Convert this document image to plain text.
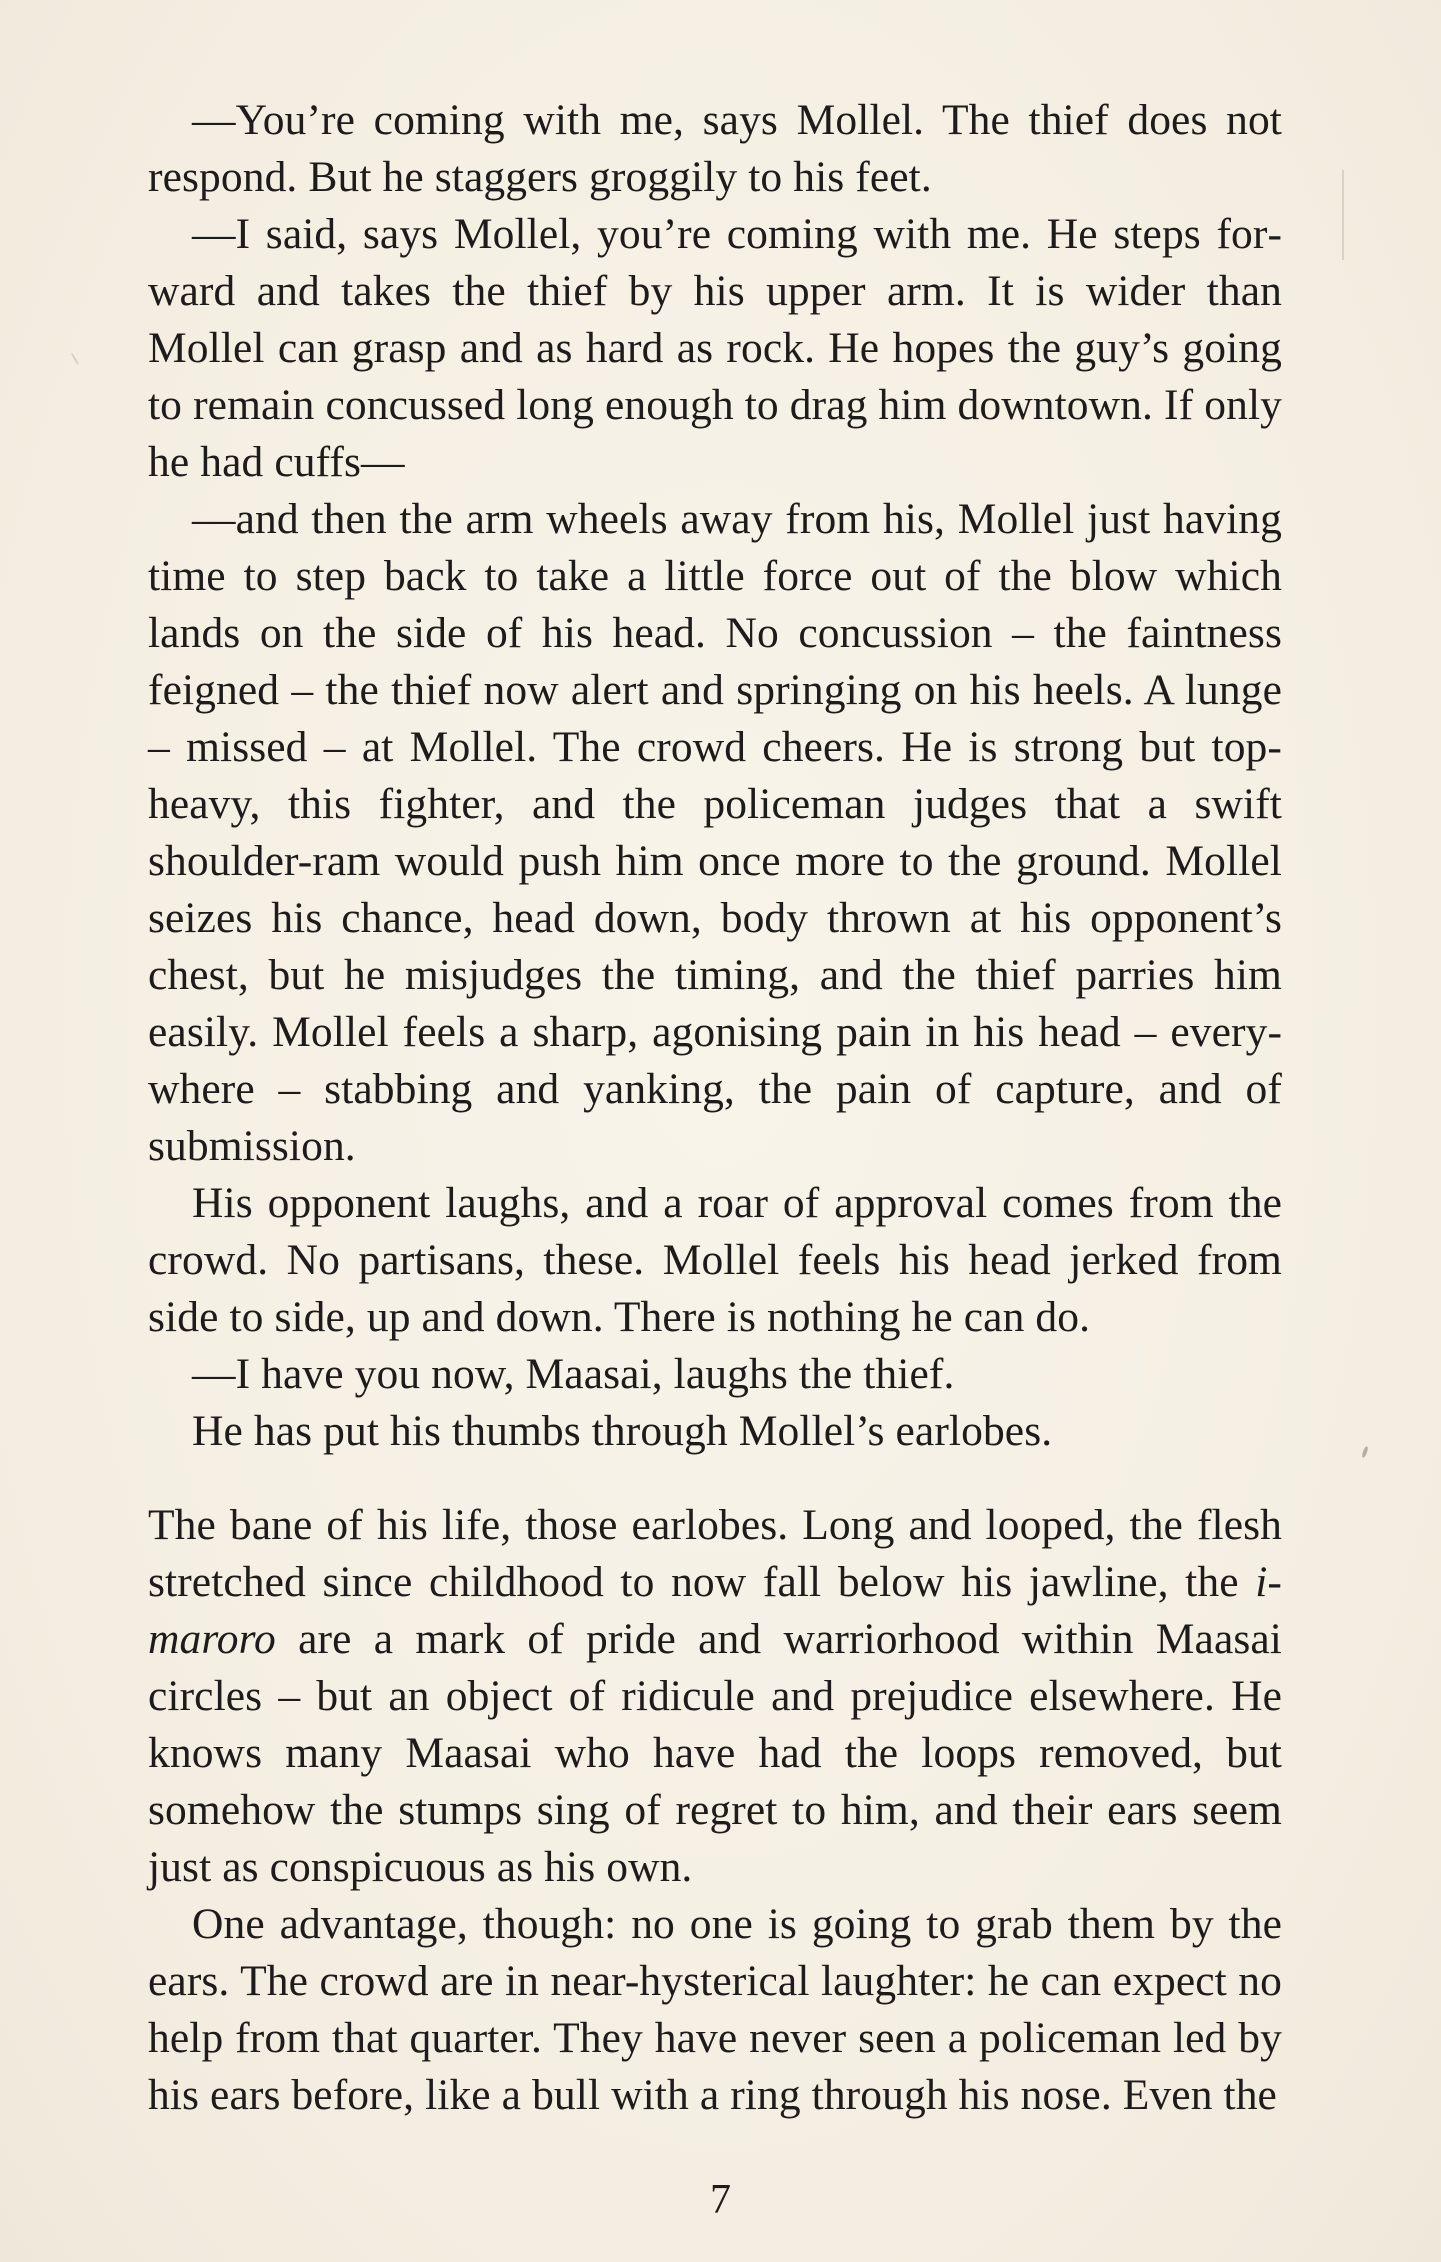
—You’re coming with me, says Mollel. The thief does not respond. But he staggers groggily to his feet.

—I said, says Mollel, you’re coming with me. He steps forward and takes the thief by his upper arm. It is wider than Mollel can grasp and as hard as rock. He hopes the guy’s going to remain concussed long enough to drag him downtown. If only he had cuffs—

—and then the arm wheels away from his, Mollel just having time to step back to take a little force out of the blow which lands on the side of his head. No concussion – the faintness feigned – the thief now alert and springing on his heels. A lunge – missed – at Mollel. The crowd cheers. He is strong but top-heavy, this fighter, and the policeman judges that a swift shoulder-ram would push him once more to the ground. Mollel seizes his chance, head down, body thrown at his opponent’s chest, but he misjudges the timing, and the thief parries him easily. Mollel feels a sharp, agonising pain in his head – everywhere – stabbing and yanking, the pain of capture, and of submission.

His opponent laughs, and a roar of approval comes from the crowd. No partisans, these. Mollel feels his head jerked from side to side, up and down. There is nothing he can do.

—I have you now, Maasai, laughs the thief.

He has put his thumbs through Mollel’s earlobes.

The bane of his life, those earlobes. Long and looped, the flesh stretched since childhood to now fall below his jawline, the i-maroro are a mark of pride and warriorhood within Maasai circles – but an object of ridicule and prejudice elsewhere. He knows many Maasai who have had the loops removed, but somehow the stumps sing of regret to him, and their ears seem just as conspicuous as his own.

One advantage, though: no one is going to grab them by the ears. The crowd are in near-hysterical laughter: he can expect no help from that quarter. They have never seen a policeman led by his ears before, like a bull with a ring through his nose. Even the

7
